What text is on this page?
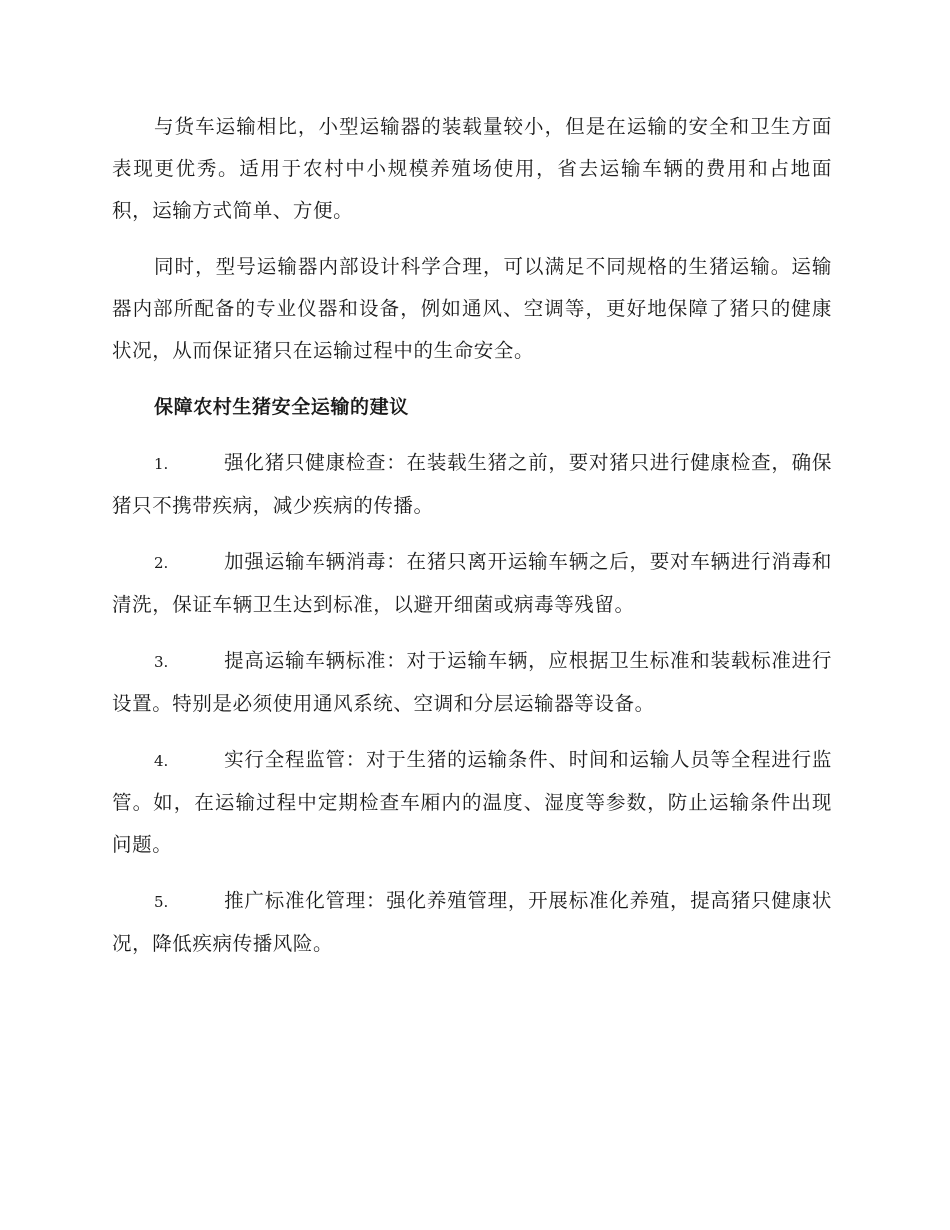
与货车运输相比，小型运输器的装载量较小，但是在运输的安全和卫生方面表现更优秀。适用于农村中小规模养殖场使用，省去运输车辆的费用和占地面积，运输方式简单、方便。

同时，型号运输器内部设计科学合理，可以满足不同规格的生猪运输。运输器内部所配备的专业仪器和设备，例如通风、空调等，更好地保障了猪只的健康状况，从而保证猪只在运输过程中的生命安全。

保障农村生猪安全运输的建议

1.	强化猪只健康检查：在装载生猪之前，要对猪只进行健康检查，确保猪只不携带疾病，减少疾病的传播。

2.	加强运输车辆消毒：在猪只离开运输车辆之后，要对车辆进行消毒和清洗，保证车辆卫生达到标准，以避开细菌或病毒等残留。

3.	提高运输车辆标准：对于运输车辆，应根据卫生标准和装载标准进行设置。特别是必须使用通风系统、空调和分层运输器等设备。

4.	实行全程监管：对于生猪的运输条件、时间和运输人员等全程进行监管。如，在运输过程中定期检查车厢内的温度、湿度等参数，防止运输条件出现问题。

5.	推广标准化管理：强化养殖管理，开展标准化养殖，提高猪只健康状况，降低疾病传播风险。
